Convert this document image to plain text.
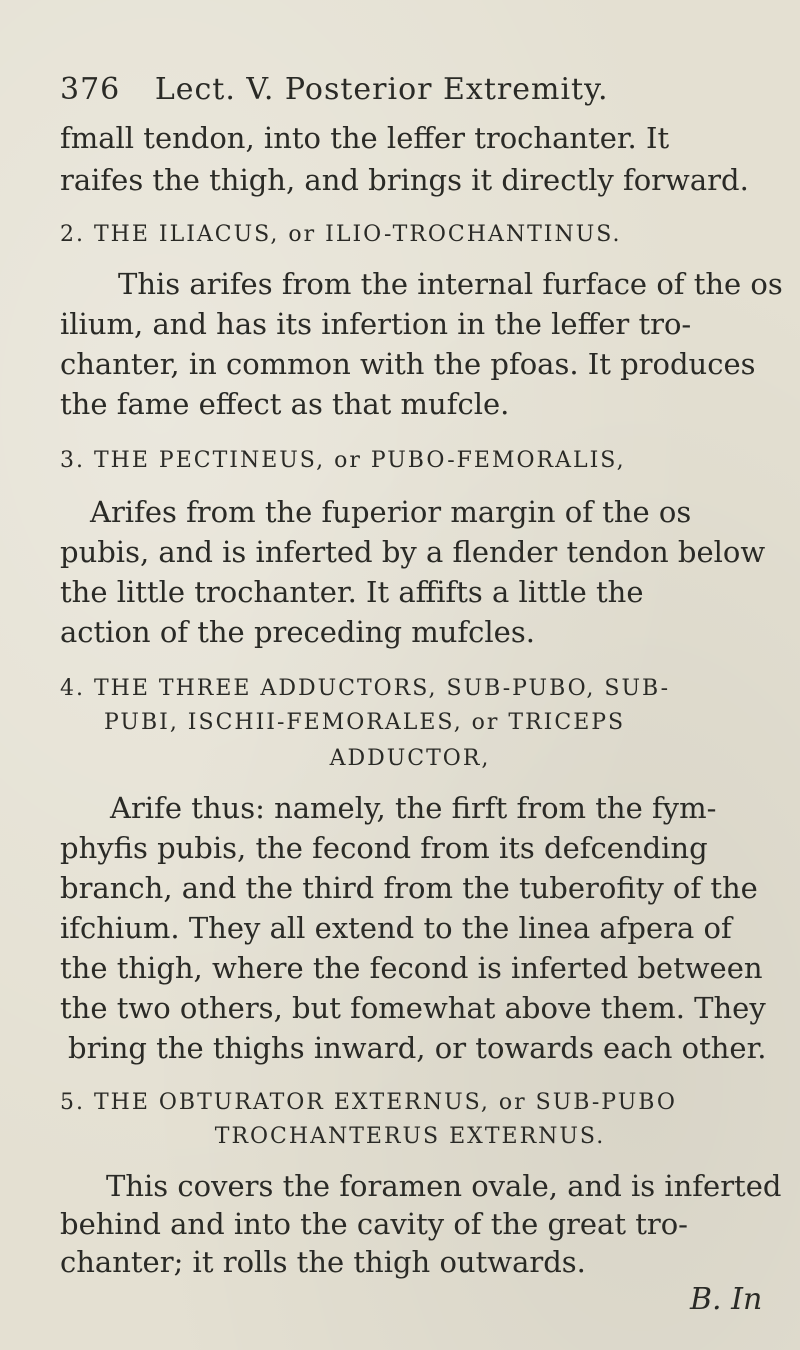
376 Lect. V. Posterior Extremity.
fmall tendon, into the leffer trochanter. It
raifes the thigh, and brings it directly forward.
2. THE ILIACUS, or ILIO-TROCHANTINUS.
This arifes from the internal furface of the os
ilium, and has its infertion in the leffer tro-
chanter, in common with the pfoas. It produces
the fame effect as that mufcle.
3. THE PECTINEUS, or PUBO-FEMORALIS,
Arifes from the fuperior margin of the os
pubis, and is inferted by a flender tendon below
the little trochanter. It affifts a little the
action of the preceding mufcles.
4. THE THREE ADDUCTORS, SUB-PUBO, SUB-
PUBI, ISCHII-FEMORALES, or TRICEPS
ADDUCTOR,
Arife thus: namely, the firft from the fym-
phyfis pubis, the fecond from its defcending
branch, and the third from the tuberofity of the
ifchium. They all extend to the linea afpera of
the thigh, where the fecond is inferted between
the two others, but fomewhat above them. They
bring the thighs inward, or towards each other.
5. THE OBTURATOR EXTERNUS, or SUB-PUBO
TROCHANTERUS EXTERNUS.
This covers the foramen ovale, and is inferted
behind and into the cavity of the great tro-
chanter; it rolls the thigh outwards.
B. In
